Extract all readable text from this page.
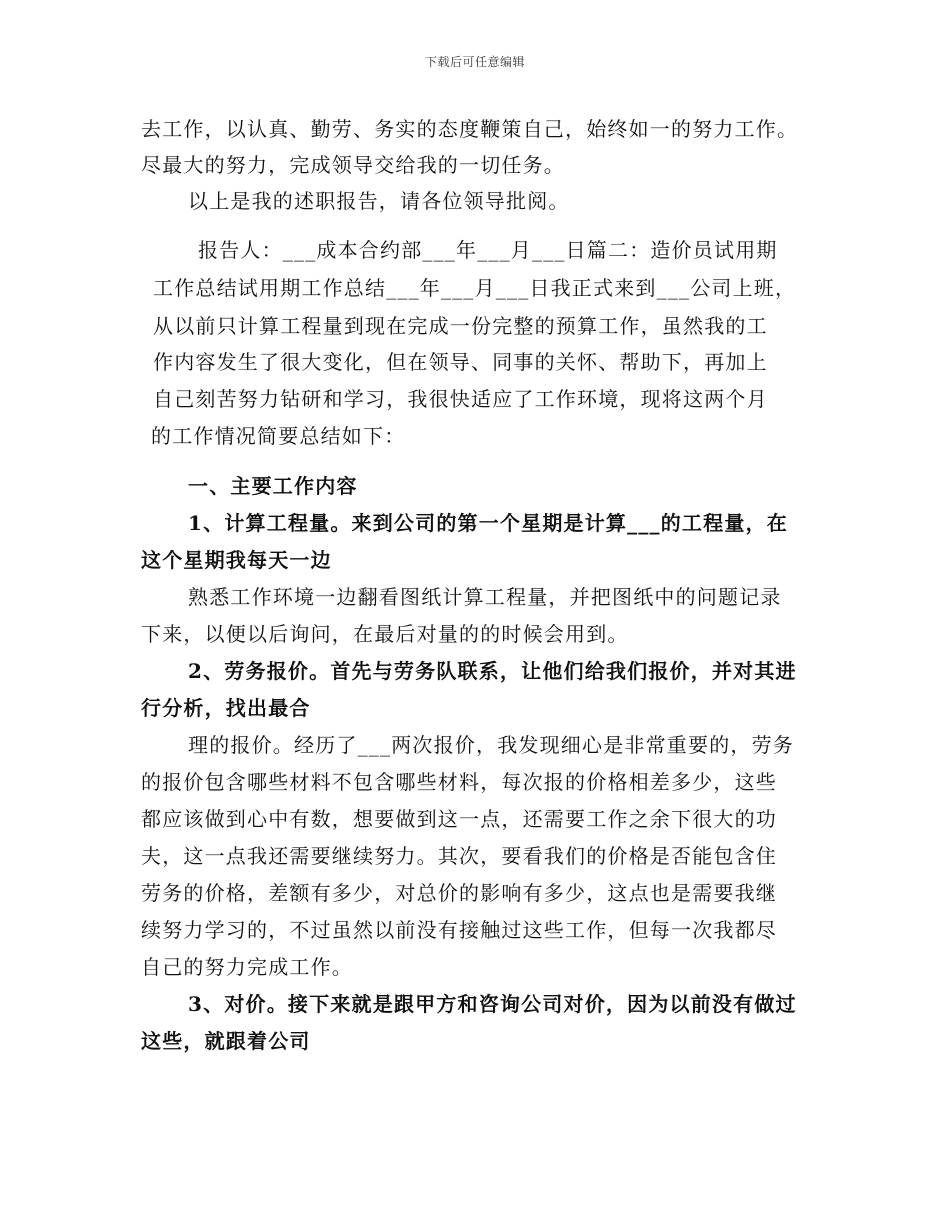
下载后可任意编辑
去工作，以认真、勤劳、务实的态度鞭策自己，始终如一的努力工作。
尽最大的努力，完成领导交给我的一切任务。
以上是我的述职报告，请各位领导批阅。
报告人：___成本合约部___年___月___日篇二：造价员试用期
工作总结试用期工作总结___年___月___日我正式来到___公司上班，
从以前只计算工程量到现在完成一份完整的预算工作，虽然我的工
作内容发生了很大变化，但在领导、同事的关怀、帮助下，再加上
自己刻苦努力钻研和学习，我很快适应了工作环境，现将这两个月
的工作情况简要总结如下：
一、主要工作内容
1、计算工程量。来到公司的第一个星期是计算___的工程量，在
这个星期我每天一边
熟悉工作环境一边翻看图纸计算工程量，并把图纸中的问题记录
下来，以便以后询问，在最后对量的的时候会用到。
2、劳务报价。首先与劳务队联系，让他们给我们报价，并对其进
行分析，找出最合
理的报价。经历了___两次报价，我发现细心是非常重要的，劳务
的报价包含哪些材料不包含哪些材料，每次报的价格相差多少，这些
都应该做到心中有数，想要做到这一点，还需要工作之余下很大的功
夫，这一点我还需要继续努力。其次，要看我们的价格是否能包含住
劳务的价格，差额有多少，对总价的影响有多少，这点也是需要我继
续努力学习的，不过虽然以前没有接触过这些工作，但每一次我都尽
自己的努力完成工作。
3、对价。接下来就是跟甲方和咨询公司对价，因为以前没有做过
这些，就跟着公司
